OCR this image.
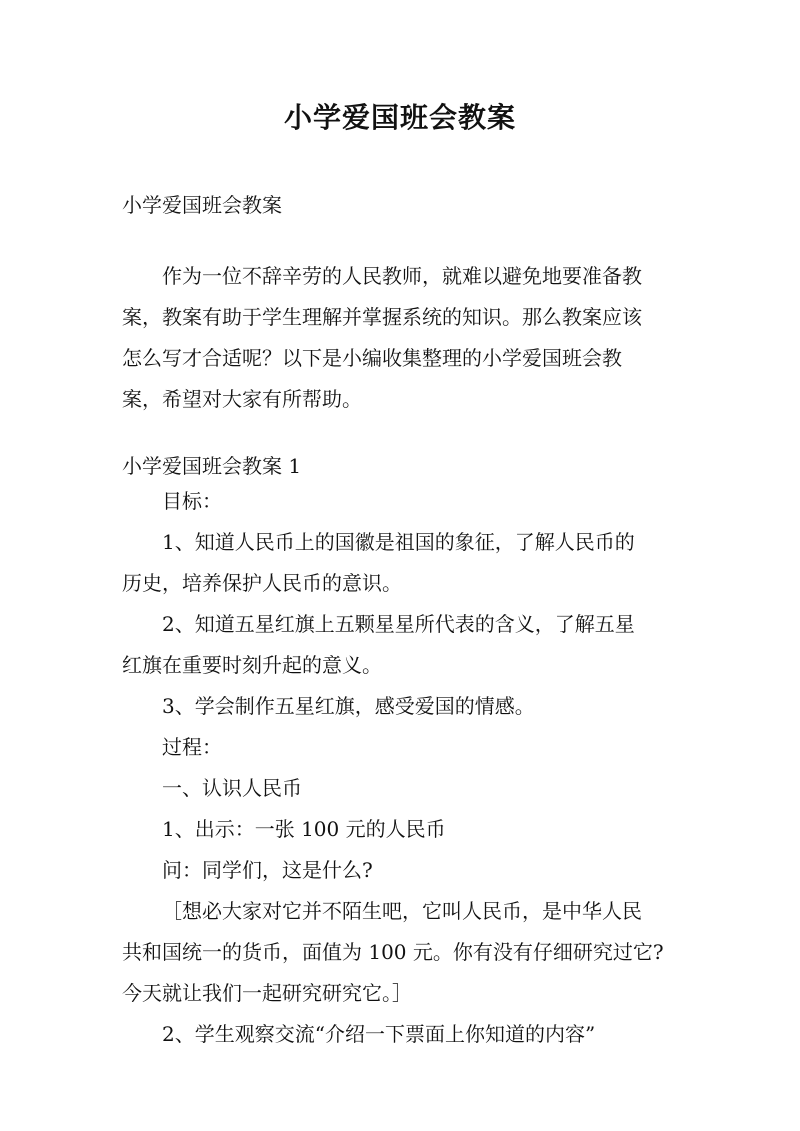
小学爱国班会教案
小学爱国班会教案

作为一位不辞辛劳的人民教师，就难以避免地要准备教

案，教案有助于学生理解并掌握系统的知识。那么教案应该

怎么写才合适呢？以下是小编收集整理的小学爱国班会教

案，希望对大家有所帮助。

小学爱国班会教案 1

目标：

1、知道人民币上的国徽是祖国的象征，了解人民币的

历史，培养保护人民币的意识。

2、知道五星红旗上五颗星星所代表的含义，了解五星

红旗在重要时刻升起的意义。

3、学会制作五星红旗，感受爱国的情感。

过程：

一、认识人民币

1、出示：一张 100 元的人民币

问：同学们，这是什么?

［想必大家对它并不陌生吧，它叫人民币，是中华人民

共和国统一的货币，面值为 100 元。你有没有仔细研究过它?

今天就让我们一起研究研究它。］

2、学生观察交流“介绍一下票面上你知道的内容”
